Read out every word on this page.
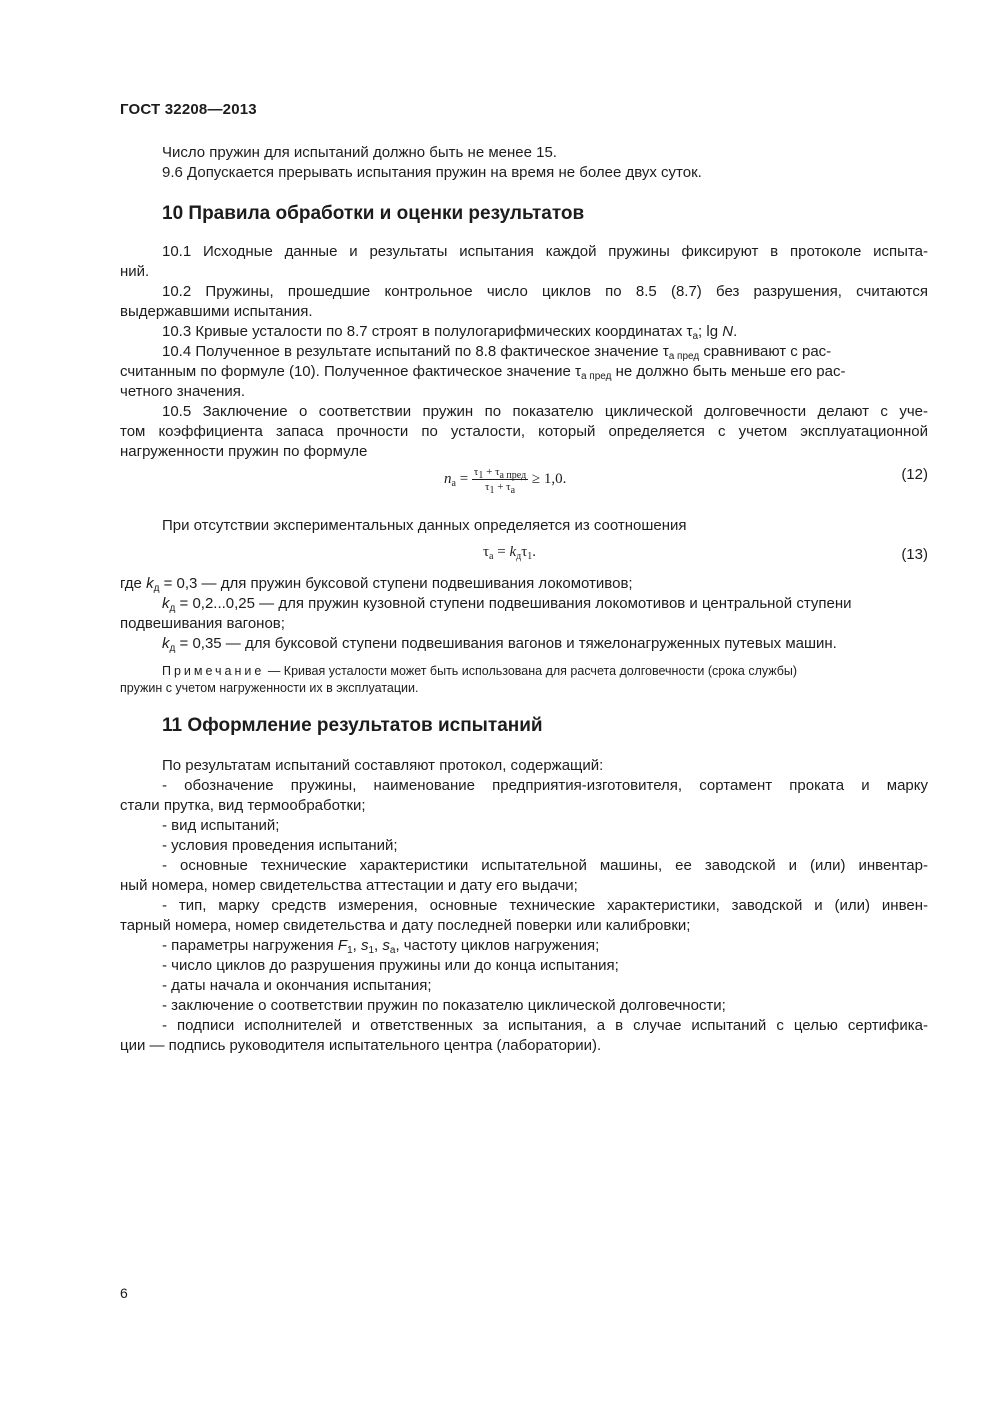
ГОСТ 32208—2013
Число пружин для испытаний должно быть не менее 15.
9.6 Допускается прерывать испытания пружин на время не более двух суток.
10 Правила обработки и оценки результатов
10.1 Исходные данные и результаты испытания каждой пружины фиксируют в протоколе испыта-
ний.
10.2 Пружины, прошедшие контрольное число циклов по 8.5 (8.7) без разрушения, считаются
выдержавшими испытания.
10.3 Кривые усталости по 8.7 строят в полулогарифмических координатах $\tau_а$; lg N.
10.4 Полученное в результате испытаний по 8.8 фактическое значение $\tau_{а пред}$ сравнивают с рас-
считанным по формуле (10). Полученное фактическое значение $\tau_{а пред}$ не должно быть меньше его рас-
четного значения.
10.5 Заключение о соответствии пружин по показателю циклической долговечности делают с уче-
том коэффициента запаса прочности по усталости, который определяется с учетом эксплуатационной
нагруженности пружин по формуле
$n_а = \frac{\tau_1 + \tau_{а пред}}{\tau_1 + \tau_а} \ge 1,0$.	(12)
При отсутствии экспериментальных данных определяется из соотношения
$\tau_а = k_д\tau_1$.	(13)
где $k_д = 0,3$ — для пружин буксовой ступени подвешивания локомотивов;
$k_д = 0,2...0,25$ — для пружин кузовной ступени подвешивания локомотивов и центральной ступени
подвешивания вагонов;
$k_д = 0,35$ — для буксовой ступени подвешивания вагонов и тяжелонагруженных путевых машин.
Примечание — Кривая усталости может быть использована для расчета долговечности (срока службы)
пружин с учетом нагруженности их в эксплуатации.
11 Оформление результатов испытаний
По результатам испытаний составляют протокол, содержащий:
- обозначение пружины, наименование предприятия-изготовителя, сортамент проката и марку
стали прутка, вид термообработки;
- вид испытаний;
- условия проведения испытаний;
- основные технические характеристики испытательной машины, ее заводской и (или) инвентар-
ный номера, номер свидетельства аттестации и дату его выдачи;
- тип, марку средств измерения, основные технические характеристики, заводской и (или) инвен-
тарный номера, номер свидетельства и дату последней поверки или калибровки;
- параметры нагружения $F_1$, $s_1$, $s_а$, частоту циклов нагружения;
- число циклов до разрушения пружины или до конца испытания;
- даты начала и окончания испытания;
- заключение о соответствии пружин по показателю циклической долговечности;
- подписи исполнителей и ответственных за испытания, а в случае испытаний с целью сертифика-
ции — подпись руководителя испытательного центра (лаборатории).
6
